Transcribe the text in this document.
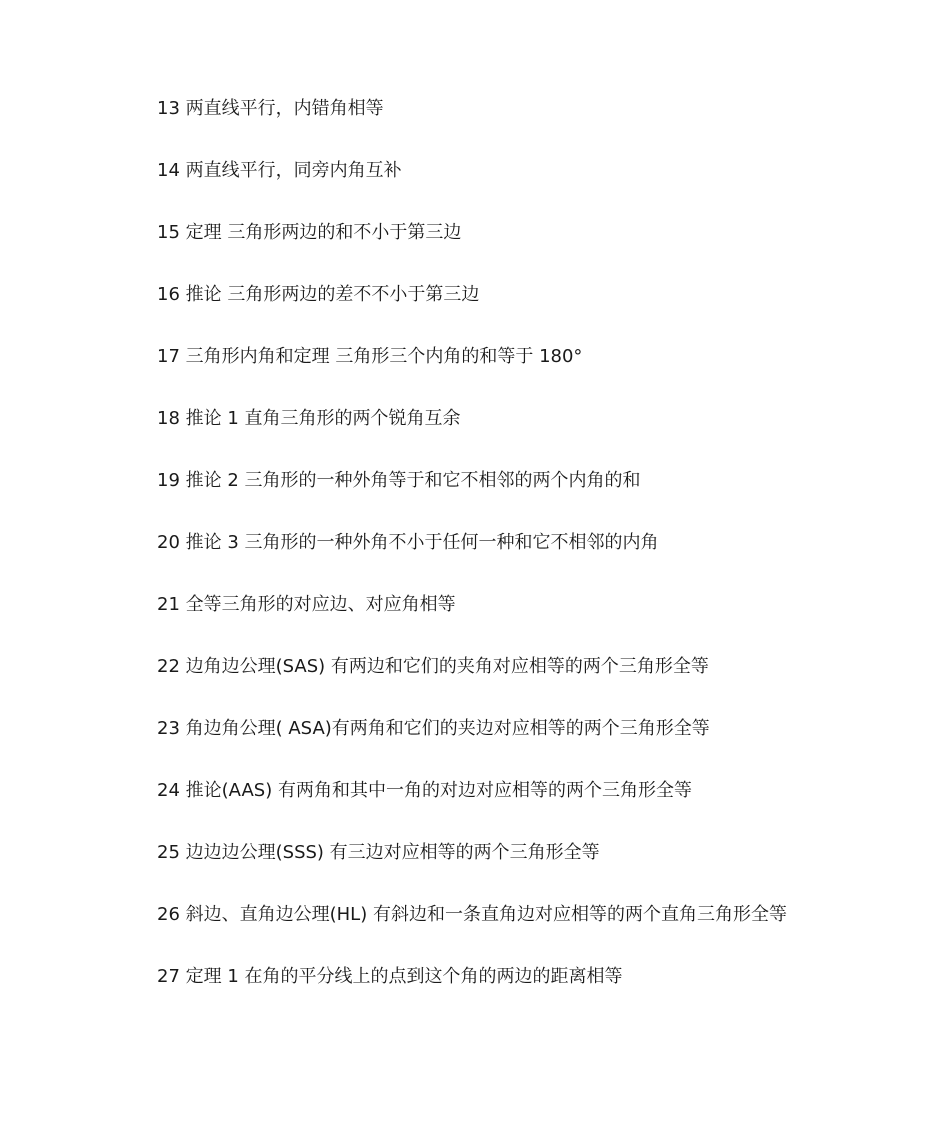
13 两直线平行，内错角相等
14 两直线平行，同旁内角互补
15 定理 三角形两边的和不小于第三边
16 推论 三角形两边的差不不小于第三边
17 三角形内角和定理 三角形三个内角的和等于 180°
18 推论 1 直角三角形的两个锐角互余
19 推论 2 三角形的一种外角等于和它不相邻的两个内角的和
20 推论 3 三角形的一种外角不小于任何一种和它不相邻的内角
21 全等三角形的对应边、对应角相等
22 边角边公理(SAS) 有两边和它们的夹角对应相等的两个三角形全等
23 角边角公理( ASA)有两角和它们的夹边对应相等的两个三角形全等
24 推论(AAS) 有两角和其中一角的对边对应相等的两个三角形全等
25 边边边公理(SSS) 有三边对应相等的两个三角形全等
26 斜边、直角边公理(HL) 有斜边和一条直角边对应相等的两个直角三角形全等
27 定理 1 在角的平分线上的点到这个角的两边的距离相等
